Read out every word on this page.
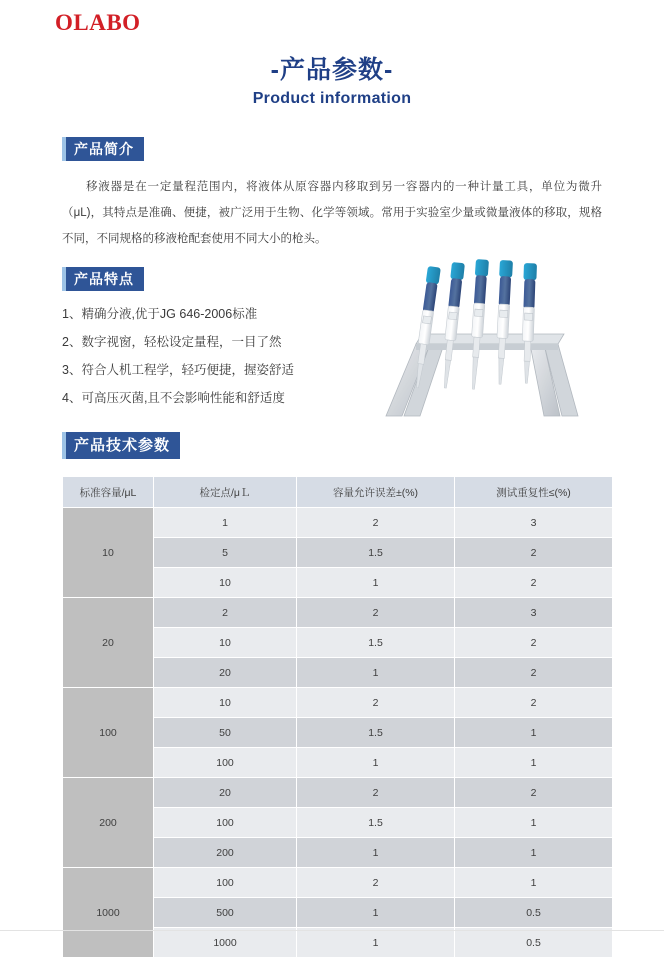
OLABO
-产品参数-
Product information
产品简介
移液器是在一定量程范围内，将液体从原容器内移取到另一容器内的一种计量工具，单位为微升（μL)，其特点是准确、便捷，被广泛用于生物、化学等领域。常用于实验室少量或微量液体的移取，规格不同，不同规格的移液枪配套使用不同大小的枪头。
产品特点
1、精确分液,优于JG 646-2006标准
2、数字视窗，轻松设定量程，一目了然
3、符合人机工程学，轻巧便捷，握姿舒适
4、可高压灭菌,且不会影响性能和舒适度
产品技术参数
标准容量/μL	检定点/μＬ	容量允许误差±(%)	测试重复性≤(%)
10	1	2	3
	5	1.5	2
	10	1	2
20	2	2	3
	10	1.5	2
	20	1	2
100	10	2	2
	50	1.5	1
	100	1	1
200	20	2	2
	100	1.5	1
	200	1	1
1000	100	2	1
	500	1	0.5
	1000	1	0.5
